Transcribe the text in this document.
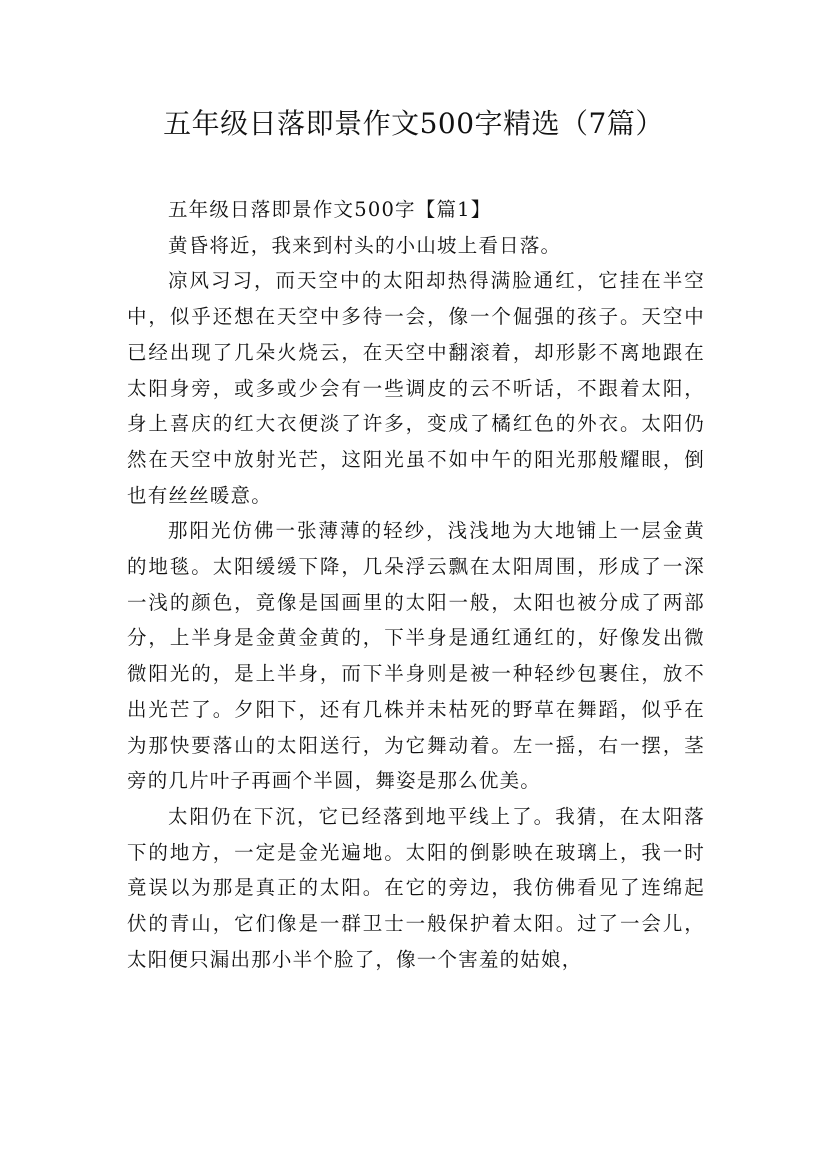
五年级日落即景作文500字精选（7篇）

五年级日落即景作文500字【篇1】

黄昏将近，我来到村头的小山坡上看日落。

凉风习习，而天空中的太阳却热得满脸通红，它挂在半空中，似乎还想在天空中多待一会，像一个倔强的孩子。天空中已经出现了几朵火烧云，在天空中翻滚着，却形影不离地跟在太阳身旁，或多或少会有一些调皮的云不听话，不跟着太阳，身上喜庆的红大衣便淡了许多，变成了橘红色的外衣。太阳仍然在天空中放射光芒，这阳光虽不如中午的阳光那般耀眼，倒也有丝丝暖意。

那阳光仿佛一张薄薄的轻纱，浅浅地为大地铺上一层金黄的地毯。太阳缓缓下降，几朵浮云飘在太阳周围，形成了一深一浅的颜色，竟像是国画里的太阳一般，太阳也被分成了两部分，上半身是金黄金黄的，下半身是通红通红的，好像发出微微阳光的，是上半身，而下半身则是被一种轻纱包裹住，放不出光芒了。夕阳下，还有几株并未枯死的野草在舞蹈，似乎在为那快要落山的太阳送行，为它舞动着。左一摇，右一摆，茎旁的几片叶子再画个半圆，舞姿是那么优美。

太阳仍在下沉，它已经落到地平线上了。我猜，在太阳落下的地方，一定是金光遍地。太阳的倒影映在玻璃上，我一时竟误以为那是真正的太阳。在它的旁边，我仿佛看见了连绵起伏的青山，它们像是一群卫士一般保护着太阳。过了一会儿，太阳便只漏出那小半个脸了，像一个害羞的姑娘，
